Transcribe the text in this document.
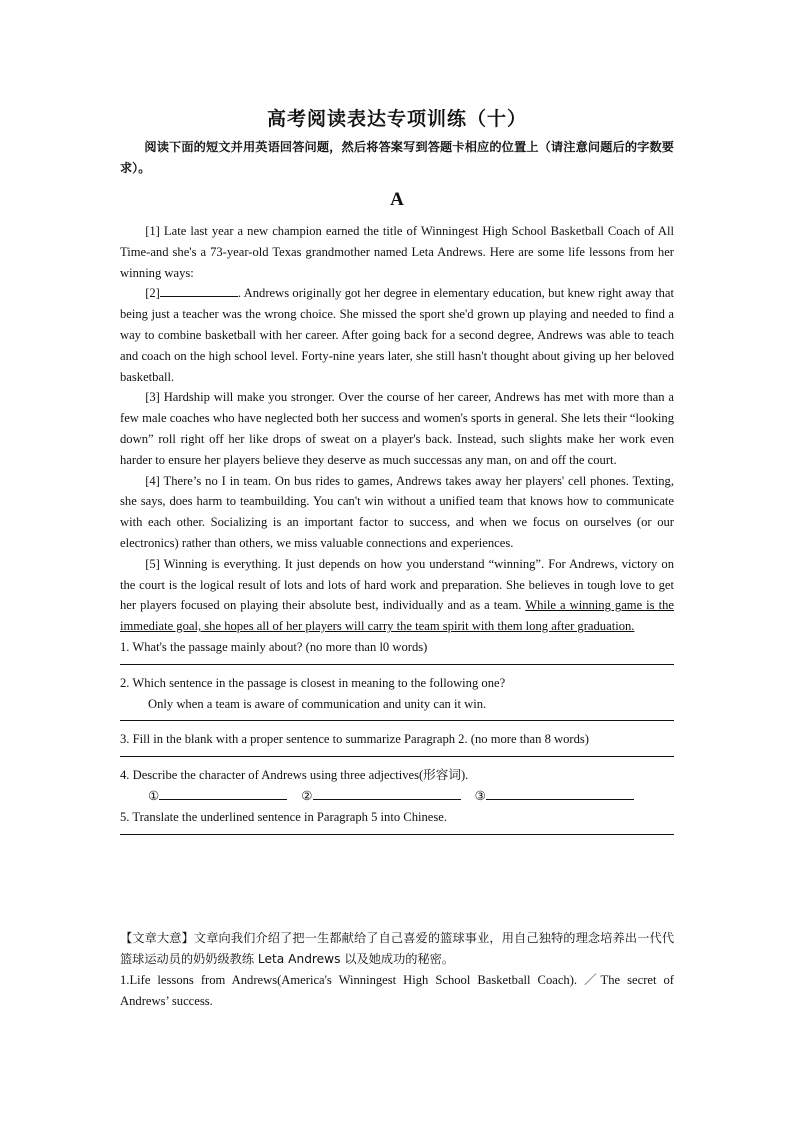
高考阅读表达专项训练（十）
阅读下面的短文并用英语回答问题，然后将答案写到答题卡相应的位置上（请注意问题后的字数要求）。
A

[1] Late last year a new champion earned the title of Winningest High School Basketball Coach of All Time-and she's a 73-year-old Texas grandmother named Leta Andrews. Here are some life lessons from her winning ways:

[2]	. Andrews originally got her degree in elementary education, but knew right away that being just a teacher was the wrong choice. She missed the sport she'd grown up playing and needed to find a way to combine basketball with her career. After going back for a second degree, Andrews was able to teach and coach on the high school level. Forty-nine years later, she still hasn't thought about giving up her beloved basketball.

[3] Hardship will make you stronger. Over the course of her career, Andrews has met with more than a few male coaches who have neglected both her success and women's sports in general. She lets their “looking down” roll right off her like drops of sweat on a player's back. Instead, such slights make her work even harder to ensure her players believe they deserve as much successas any man, on and off the court.

[4] There’s no I in team. On bus rides to games, Andrews takes away her players' cell phones. Texting, she says, does harm to teambuilding. You can't win without a unified team that knows how to communicate with each other. Socializing is an important factor to success, and when we focus on ourselves (or our electronics) rather than others, we miss valuable connections and experiences.

[5] Winning is everything. It just depends on how you understand “winning”. For Andrews, victory on the court is the logical result of lots and lots of hard work and preparation. She believes in tough love to get her players focused on playing their absolute best, individually and as a team. While a winning game is the immediate goal, she hopes all of her players will carry the team spirit with them long after graduation.

1. What's the passage mainly about? (no more than l0 words)

2. Which sentence in the passage is closest in meaning to the following one?

Only when a team is aware of communication and unity can it win.

3. Fill in the blank with a proper sentence to summarize Paragraph 2. (no more than 8 words)

4. Describe the character of Andrews using three adjectives(形容词).

①	②	③

5. Translate the underlined sentence in Paragraph 5 into Chinese.

【文章大意】文章向我们介绍了把一生都献给了自己喜爱的篮球事业，用自己独特的理念培养出一代代篮球运动员的奶奶级教练 Leta Andrews 以及她成功的秘密。

1.Life lessons from Andrews(America's Winningest High School Basketball Coach). ／The secret of Andrews’ success.
